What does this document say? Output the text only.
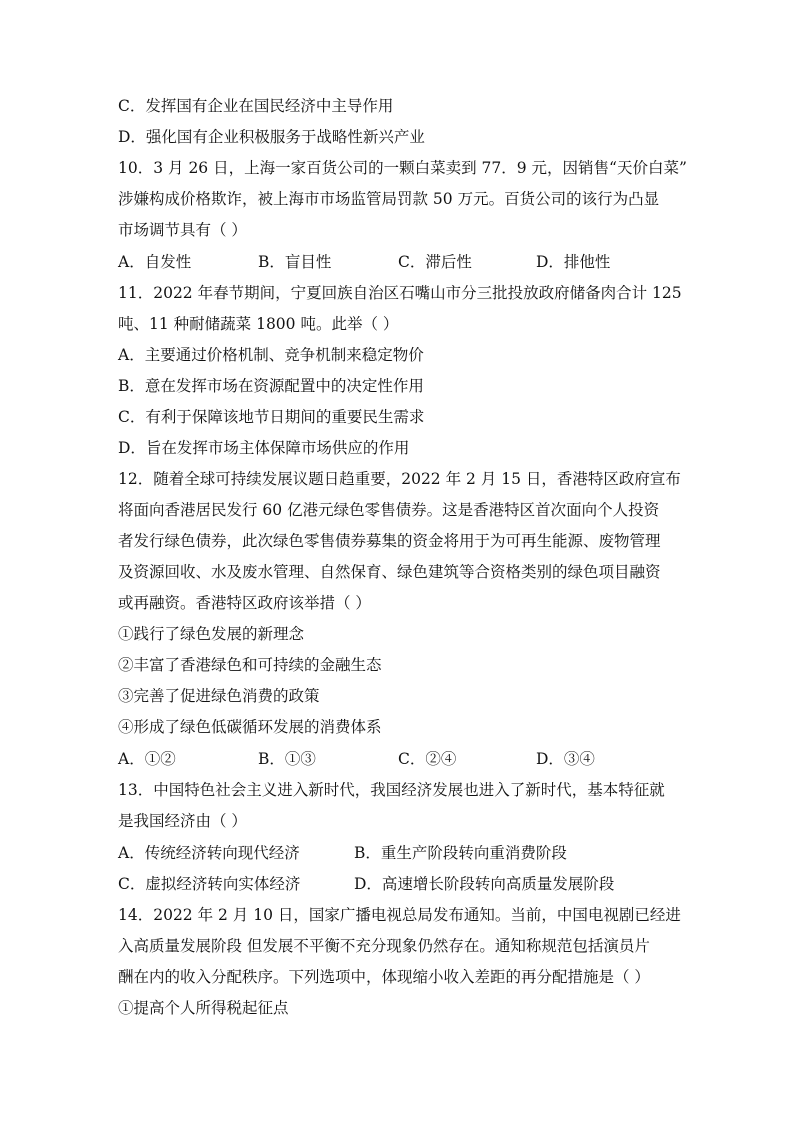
C．发挥国有企业在国民经济中主导作用
D．强化国有企业积极服务于战略性新兴产业
10．3 月 26 日，上海一家百货公司的一颗白菜卖到 77．9 元，因销售“天价白菜”
涉嫌构成价格欺诈，被上海市市场监管局罚款 50 万元。百货公司的该行为凸显
市场调节具有（ ）
A．自发性	B．盲目性	C．滞后性	D．排他性
11．2022 年春节期间，宁夏回族自治区石嘴山市分三批投放政府储备肉合计 125
吨、11 种耐储蔬菜 1800 吨。此举（ ）
A．主要通过价格机制、竞争机制来稳定物价
B．意在发挥市场在资源配置中的决定性作用
C．有利于保障该地节日期间的重要民生需求
D．旨在发挥市场主体保障市场供应的作用
12．随着全球可持续发展议题日趋重要，2022 年 2 月 15 日，香港特区政府宣布
将面向香港居民发行 60 亿港元绿色零售债券。这是香港特区首次面向个人投资
者发行绿色债券，此次绿色零售债券募集的资金将用于为可再生能源、废物管理
及资源回收、水及废水管理、自然保育、绿色建筑等合资格类别的绿色项目融资
或再融资。香港特区政府该举措（ ）
①践行了绿色发展的新理念
②丰富了香港绿色和可持续的金融生态
③完善了促进绿色消费的政策
④形成了绿色低碳循环发展的消费体系
A．①②	B．①③	C．②④	D．③④
13．中国特色社会主义进入新时代，我国经济发展也进入了新时代，基本特征就
是我国经济由（ ）
A．传统经济转向现代经济	B．重生产阶段转向重消费阶段
C．虚拟经济转向实体经济	D．高速增长阶段转向高质量发展阶段
14．2022 年 2 月 10 日，国家广播电视总局发布通知。当前，中国电视剧已经进
入高质量发展阶段 但发展不平衡不充分现象仍然存在。通知称规范包括演员片
酬在内的收入分配秩序。下列选项中，体现缩小收入差距的再分配措施是（ ）
①提高个人所得税起征点
